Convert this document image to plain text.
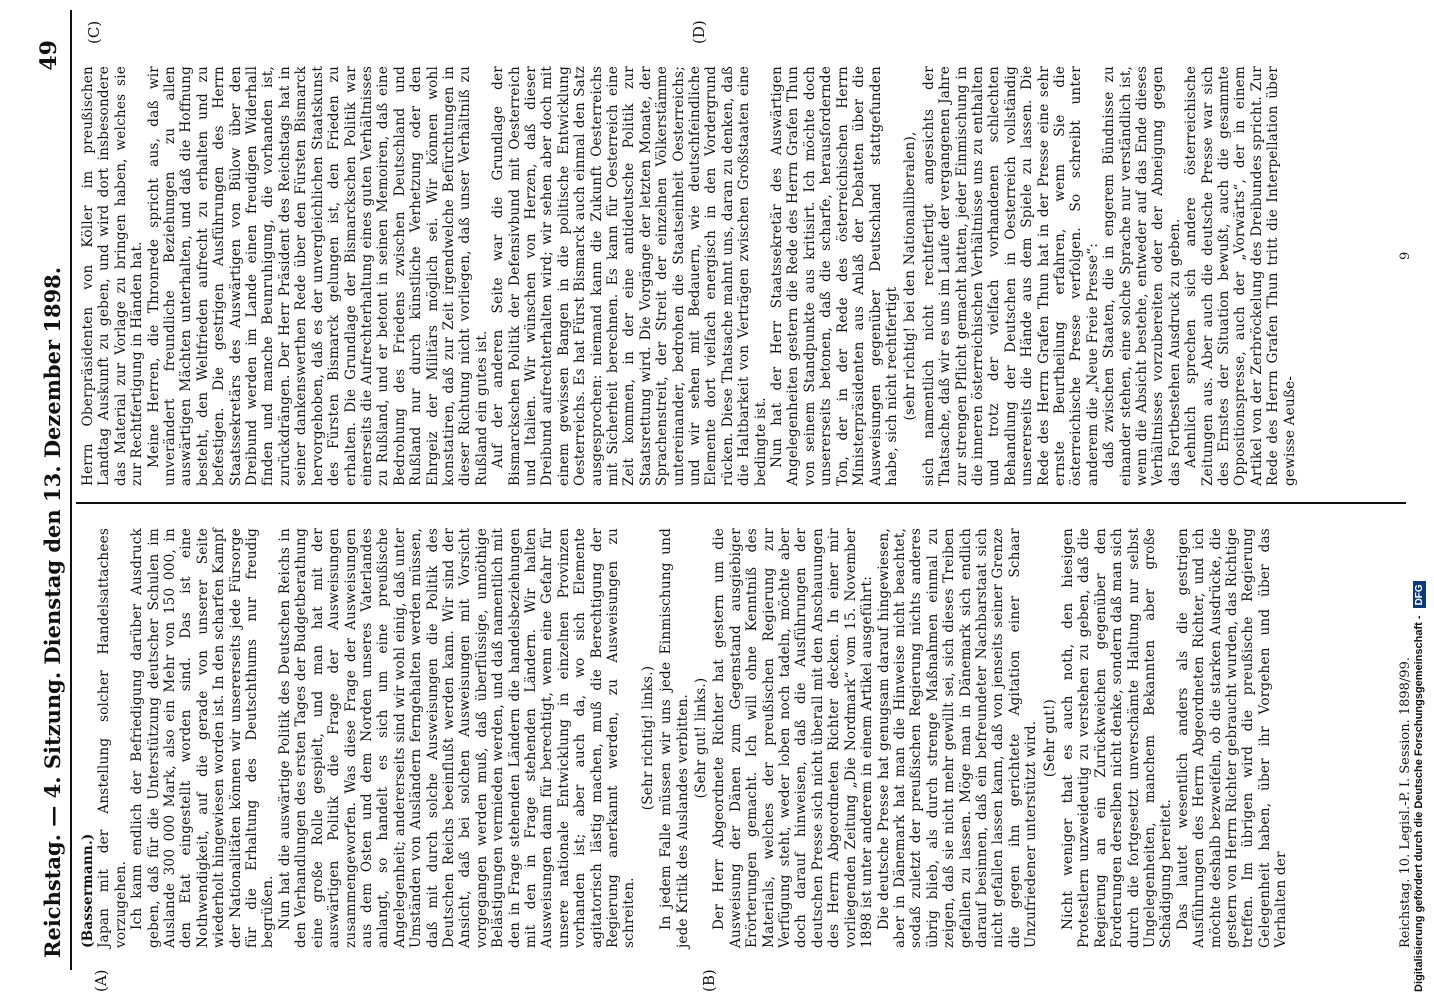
Reichstag. — 4. Sitzung. Dienstag den 13. Dezember 1898.
49
(A)	(B)
(C)	(D)

(Bassermann.) Japan mit der Anstellung solcher Handelsattachees vorzugehen. Ich kann endlich der Befriedigung darüber Ausdruck geben, daß für die Unterstützung deutscher Schulen im Auslande 300 000 Mark, also ein Mehr von 150 000, in den Etat eingestellt worden sind. Das ist eine Nothwendigkeit, auf die gerade von unserer Seite wiederholt hingewiesen worden ist. In den scharfen Kampf der Nationalitäten können wir unsererseits jede Fürsorge für die Erhaltung des Deutschthums nur freudig begrüßen. Nun hat die auswärtige Politik des Deutschen Reichs in den Verhandlungen des ersten Tages der Budgetberathung eine große Rolle gespielt, und man hat mit der auswärtigen Politik die Frage der Ausweisungen zusammengeworfen. Was diese Frage der Ausweisungen aus dem Osten und dem Norden unseres Vaterlandes anlangt, so handelt es sich um eine preußische Angelegenheit; andererseits sind wir wohl einig, daß unter Umständen von Ausländern ferngehalten werden müssen, daß mit durch solche Ausweisungen die Politik des Deutschen Reichs beeinflußt werden kann. Wir sind der Ansicht, daß bei solchen Ausweisungen mit Vorsicht vorgegangen werden muß, daß überflüssige, unnöthige Belästigungen vermieden werden, und daß namentlich mit den in Frage stehenden Ländern die handelsbeziehungen mit den in Frage stehenden Ländern. Wir halten Ausweisungen dann für berechtigt, wenn eine Gefahr für unsere nationale Entwicklung in einzelnen Provinzen vorhanden ist; aber auch da, wo sich Elemente agitatorisch lästig machen, muß die Berechtigung der Regierung anerkannt werden, zu Ausweisungen zu schreiten.

(Sehr richtig! links.) In jedem Falle müssen wir uns jede Einmischung und jede Kritik des Auslandes verbitten. (Sehr gut! links.) Der Herr Abgeordnete Richter hat gestern um die Ausweisung der Dänen zum Gegenstand ausgiebiger Erörterungen gemacht. Ich will ohne Kenntniß des Materials, welches der preußischen Regierung zur Verfügung steht, weder loben noch tadeln, möchte aber doch darauf hinweisen, daß die Ausführungen der deutschen Presse sich nicht überall mit den Anschauungen des Herrn Abgeordneten Richter decken. In einer mir vorliegenden Zeitung „Die Nordmark“ vom 15. November 1898 ist unter anderem in einem Artikel ausgeführt: Die deutsche Presse hat genugsam darauf hingewiesen, aber in Dänemark hat man die Hinweise nicht beachtet, sodaß zuletzt der preußischen Regierung nichts anderes übrig blieb, als durch strenge Maßnahmen einmal zu zeigen, daß sie nicht mehr gewillt sei, sich dieses Treiben gefallen zu lassen. Möge man in Dänemark sich endlich darauf besinnen, daß ein befreundeter Nachbarstaat sich nicht gefallen lassen kann, daß von jenseits seiner Grenze die gegen ihn gerichtete Agitation einer Schaar Unzufriedener unterstützt wird. (Sehr gut!) Nicht weniger that es auch noth, den hiesigen Protestlern unzweideutig zu verstehen zu geben, daß die Regierung an ein Zurückweichen gegenüber den Forderungen derselben nicht denke, sondern daß man sich durch die fortgesetzt unverschämte Haltung nur selbst Ungelegenheiten, manchem Bekannten aber große Schädigung bereitet. Das lautet wesentlich anders als die gestrigen Ausführungen des Herrn Abgeordneten Richter, und ich möchte deshalb bezweifeln, ob die starken Ausdrücke, die gestern von Herrn Richter gebraucht wurden, das Richtige treffen. Im übrigen wird die preußische Regierung Gelegenheit haben, über ihr Vorgehen und über das Verhalten der	Reichstag. 10. Legisl.-P. I. Session. 1898/99.

Herrn Oberpräsidenten von Köller im preußischen Landtag Auskunft zu geben, und wird dort insbesondere das Material zur Vorlage zu bringen haben, welches sie zur Rechtfertigung in Händen hat. Meine Herren, die Thronrede spricht aus, daß wir unverändert freundliche Beziehungen zu allen auswärtigen Mächten unterhalten, und daß die Hoffnung besteht, den Weltfrieden aufrecht zu erhalten und zu befestigen. Die gestrigen Ausführungen des Herrn Staatssekretärs des Auswärtigen von Bülow über den Dreibund werden im Lande einen freudigen Widerhall finden und manche Beunruhigung, die vorhanden ist, zurückdrängen. Der Herr Präsident des Reichstags hat in seiner dankenswerthen Rede über den Fürsten Bismarck hervorgehoben, daß es der unvergleichlichen Staatskunst des Fürsten Bismarck gelungen ist, den Frieden zu erhalten. Die Grundlage der Bismarckschen Politik war einerseits die Aufrechterhaltung eines guten Verhältnisses zu Rußland, und er betont in seinen Memoiren, daß eine Bedrohung des Friedens zwischen Deutschland und Rußland nur durch künstliche Verhetzung oder den Ehrgeiz der Militärs möglich sei. Wir können wohl konstatiren, daß zur Zeit irgendwelche Befürchtungen in dieser Richtung nicht vorliegen, daß unser Verhältniß zu Rußland ein gutes ist. Auf der anderen Seite war die Grundlage der Bismarckschen Politik der Defensivbund mit Oesterreich und Italien. Wir wünschen von Herzen, daß dieser Dreibund aufrechterhalten wird; wir sehen aber doch mit einem gewissen Bangen in die politische Entwicklung Oesterreichs. Es hat Fürst Bismarck auch einmal den Satz ausgesprochen: niemand kann die Zukunft Oesterreichs mit Sicherheit berechnen. Es kann für Oesterreich eine Zeit kommen, in der eine antideutsche Politik zur Staatsrettung wird. Die Vorgänge der letzten Monate, der Sprachenstreit, der Streit der einzelnen Völkerstämme untereinander, bedrohen die Staatseinheit Oesterreichs; und wir sehen mit Bedauern, wie deutschfeindliche Elemente dort vielfach energisch in den Vordergrund rücken. Diese Thatsache mahnt uns, daran zu denken, daß die Haltbarkeit von Verträgen zwischen Großstaaten eine bedingte ist. Nun hat der Herr Staatssekretär des Auswärtigen Angelegenheiten gestern die Rede des Herrn Grafen Thun von seinem Standpunkte aus kritisirt. Ich möchte doch unsererseits betonen, daß die scharfe, herausfordernde Ton, der in der Rede des österreichischen Herrn Ministerpräsidenten aus Anlaß der Debatten über die Ausweisungen gegenüber Deutschland stattgefunden habe, sich nicht rechtfertigt (sehr richtig! bei den Nationalliberalen), sich namentlich nicht rechtfertigt angesichts der Thatsache, daß wir es uns im Laufe der vergangenen Jahre zur strengen Pflicht gemacht hatten, jeder Einmischung in die inneren österreichischen Verhältnisse uns zu enthalten und trotz der vielfach vorhandenen schlechten Behandlung der Deutschen in Oesterreich vollständig unsererseits die Hände aus dem Spiele zu lassen. Die Rede des Herrn Grafen Thun hat in der Presse eine sehr ernste Beurtheilung erfahren, wenn Sie die österreichische Presse verfolgen. So schreibt unter anderem die „Neue Freie Presse“: daß zwischen Staaten, die in engerem Bündnisse zu einander stehen, eine solche Sprache nur verständlich ist, wenn die Absicht bestehe, entweder auf das Ende dieses Verhältnisses vorzubereiten oder der Abneigung gegen das Fortbestehen Ausdruck zu geben. Aehnlich sprechen sich andere österreichische Zeitungen aus. Aber auch die deutsche Presse war sich des Ernstes der Situation bewußt, auch die gesammte Oppositionspresse, auch der „Vorwärts“, der in einem Artikel von der Zerbröckelung des Dreibundes spricht. Zur Rede des Herrn Grafen Thun tritt die Interpellation über gewisse Aeuße-

9
Digitalisierung gefördert durch die Deutsche Forschungsgemeinschaft - DFG
